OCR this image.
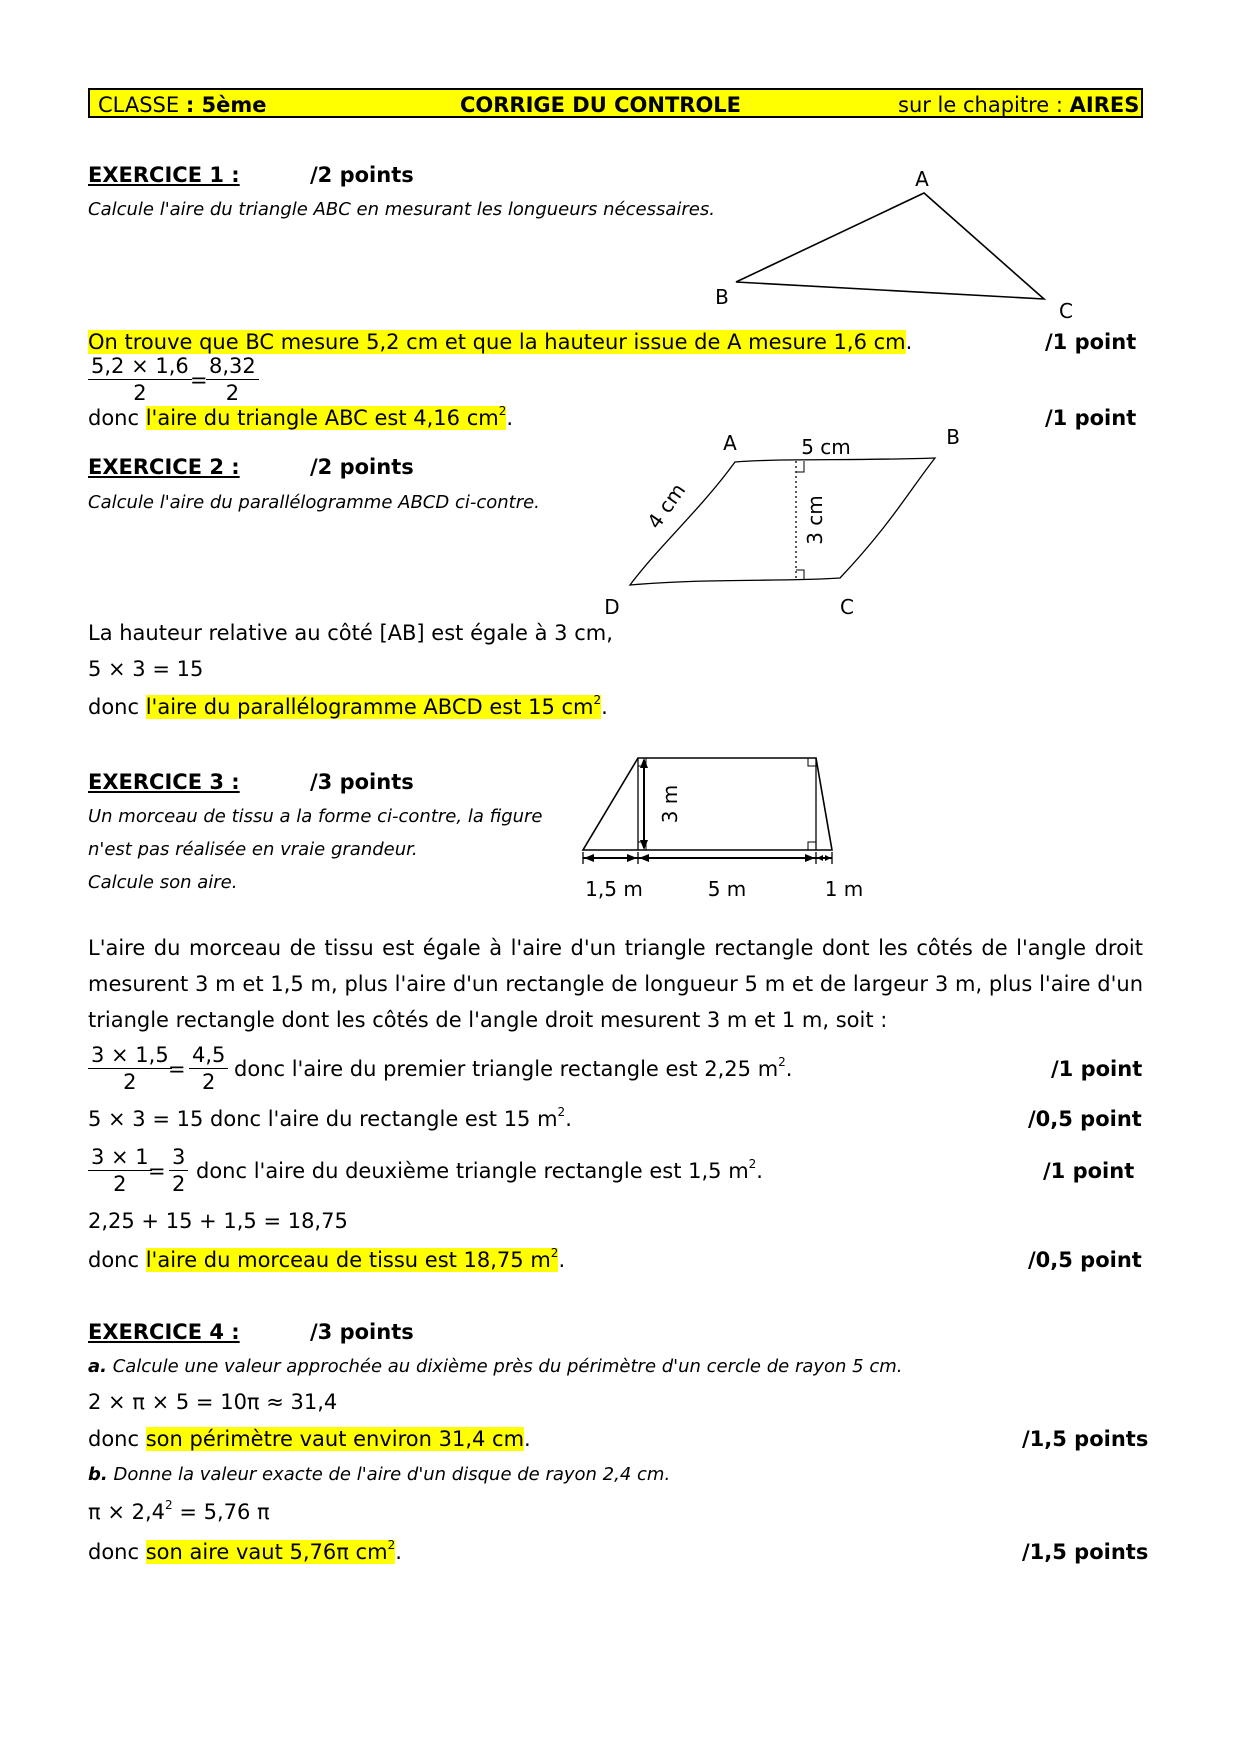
CLASSE : 5ème	CORRIGE DU CONTROLE	sur le chapitre : AIRES
EXERCICE 1 :	/2 points
Calcule l'aire du triangle ABC en mesurant les longueurs nécessaires.
A
B
C
On trouve que BC mesure 5,2 cm et que la hauteur issue de A mesure 1,6 cm.	/1 point
$\frac{5,2 \times 1,6}{2}$
=
$\frac{8,32}{2}$
donc l'aire du triangle ABC est 4,16 $cm^2$.	/1 point
EXERCICE 2 :	/2 points
Calcule l'aire du parallélogramme ABCD ci-contre.
A	B
C
D
5 cm
4 cm	3 cm
La hauteur relative au côté [AB] est égale à 3 cm,
5 × 3 = 15
donc l'aire du parallélogramme ABCD est 15 $cm^2$.
EXERCICE 3 :	/3 points
Un morceau de tissu a la forme ci-contre, la figure
n'est pas réalisée en vraie grandeur.
Calcule son aire.
3 m
1,5 m	5 m	1 m
L'aire du morceau de tissu est égale à l'aire d'un triangle rectangle dont les côtés de l'angle droit mesurent 3 m et 1,5 m, plus l'aire d'un rectangle de longueur 5 m et de largeur 3 m, plus l'aire d'un triangle rectangle dont les côtés de l'angle droit mesurent 3 m et 1 m, soit :
$\frac{3 \times 1,5}{2}$
= $\frac{4,5}{2}$ donc l'aire du premier triangle rectangle est 2,25 $m^2$.	/1 point
5 × 3 = 15 donc l'aire du rectangle est 15 $m^2$.	/0,5 point
$\frac{3 \times 1}{2}$
= $\frac{3}{2}$ donc l'aire du deuxième triangle rectangle est 1,5 $m^2$.	/1 point
2,25 + 15 + 1,5 = 18,75
donc l'aire du morceau de tissu est 18,75 $m^2$.	/0,5 point
EXERCICE 4 :	/3 points
a. Calcule une valeur approchée au dixième près du périmètre d'un cercle de rayon 5 cm.
2 × π × 5 = 10π ≈ 31,4
donc son périmètre vaut environ 31,4 cm.	/1,5 points
b. Donne la valeur exacte de l'aire d'un disque de rayon 2,4 cm.
$\pi \times 2,4^2 = 5,76$ π
donc son aire vaut 5,76π $cm^2$.	/1,5 points
